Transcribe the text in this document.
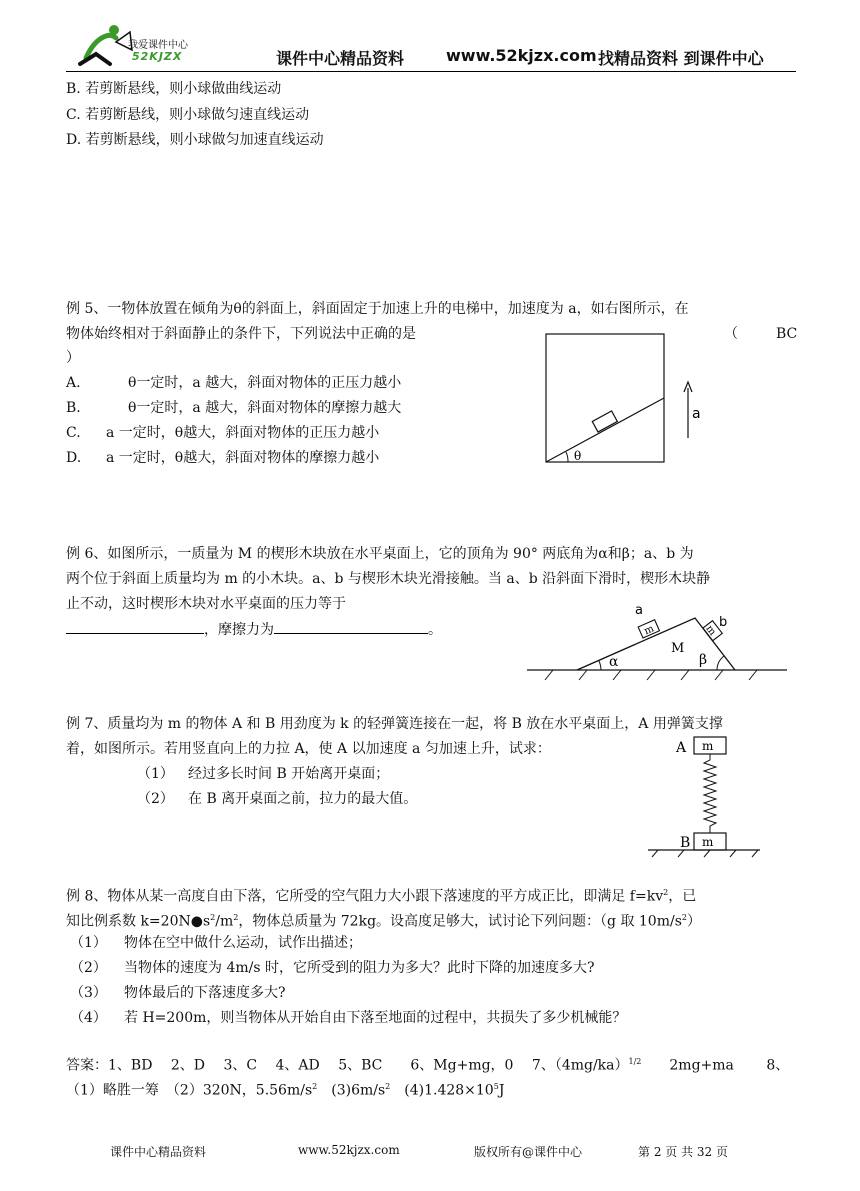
我爱课件中心
52KJZX	课件中心精品资料	www.52kjzx.com 找精品资料 到课件中心
B. 若剪断悬线，则小球做曲线运动
C. 若剪断悬线，则小球做匀速直线运动
D. 若剪断悬线，则小球做匀加速直线运动
例 5、一物体放置在倾角为θ的斜面上，斜面固定于加速上升的电梯中，加速度为 a，如右图所示，在
物体始终相对于斜面静止的条件下，下列说法中正确的是	（	BC
）
A.	θ一定时，a 越大，斜面对物体的正压力越小
B.	θ一定时，a 越大，斜面对物体的摩擦力越大
C. a 一定时，θ越大，斜面对物体的正压力越小
D. a 一定时，θ越大，斜面对物体的摩擦力越小	θ
a
例 6、如图所示，一质量为 M 的楔形木块放在水平桌面上，它的顶角为 90° 两底角为α和β；a、b 为
两个位于斜面上质量均为 m 的小木块。a、b 与楔形木块光滑接触。当 a、b 沿斜面下滑时，楔形木块静
止不动，这时楔形木块对水平桌面的压力等于
，摩擦力为	。	m
a
m
b
M
α	β
例 7、质量均为 m 的物体 A 和 B 用劲度为 k 的轻弹簧连接在一起，将 B 放在水平桌面上，A 用弹簧支撑
着，如图所示。若用竖直向上的力拉 A，使 A 以加速度 a 匀加速上升，试求：
（1） 经过多长时间 B 开始离开桌面；
（2） 在 B 离开桌面之前，拉力的最大值。
A m
B m
例 8、物体从某一高度自由下落，它所受的空气阻力大小跟下落速度的平方成正比，即满足 $f=kv^2$，已
知比例系数 $k=20N●s^2/m^2$，物体总质量为 72kg。设高度足够大，试讨论下列问题：（g 取 $10m/s^2$）
（1） 物体在空中做什么运动，试作出描述；
（2） 当物体的速度为 4m/s 时，它所受到的阻力为多大？此时下降的加速度多大?
（3） 物体最后的下落速度多大?
（4） 若 H=200m，则当物体从开始自由下落至地面的过程中，共损失了多少机械能？
答案：1、BD　 2、D　 3、C　 4、AD　 5、BC　　6、Mg+mg，0　 7、$(4mg/ka)^{1/2}$　　2mg+ma　　 8、
（1）略胜一筹　（2）320N，$5.56m/s^2$　$(3)6m/s^2$　$(4)1.428\times 10^5J$
课件中心精品资料	www.52kjzx.com	版权所有@课件中心	第 2 页 共 32 页
